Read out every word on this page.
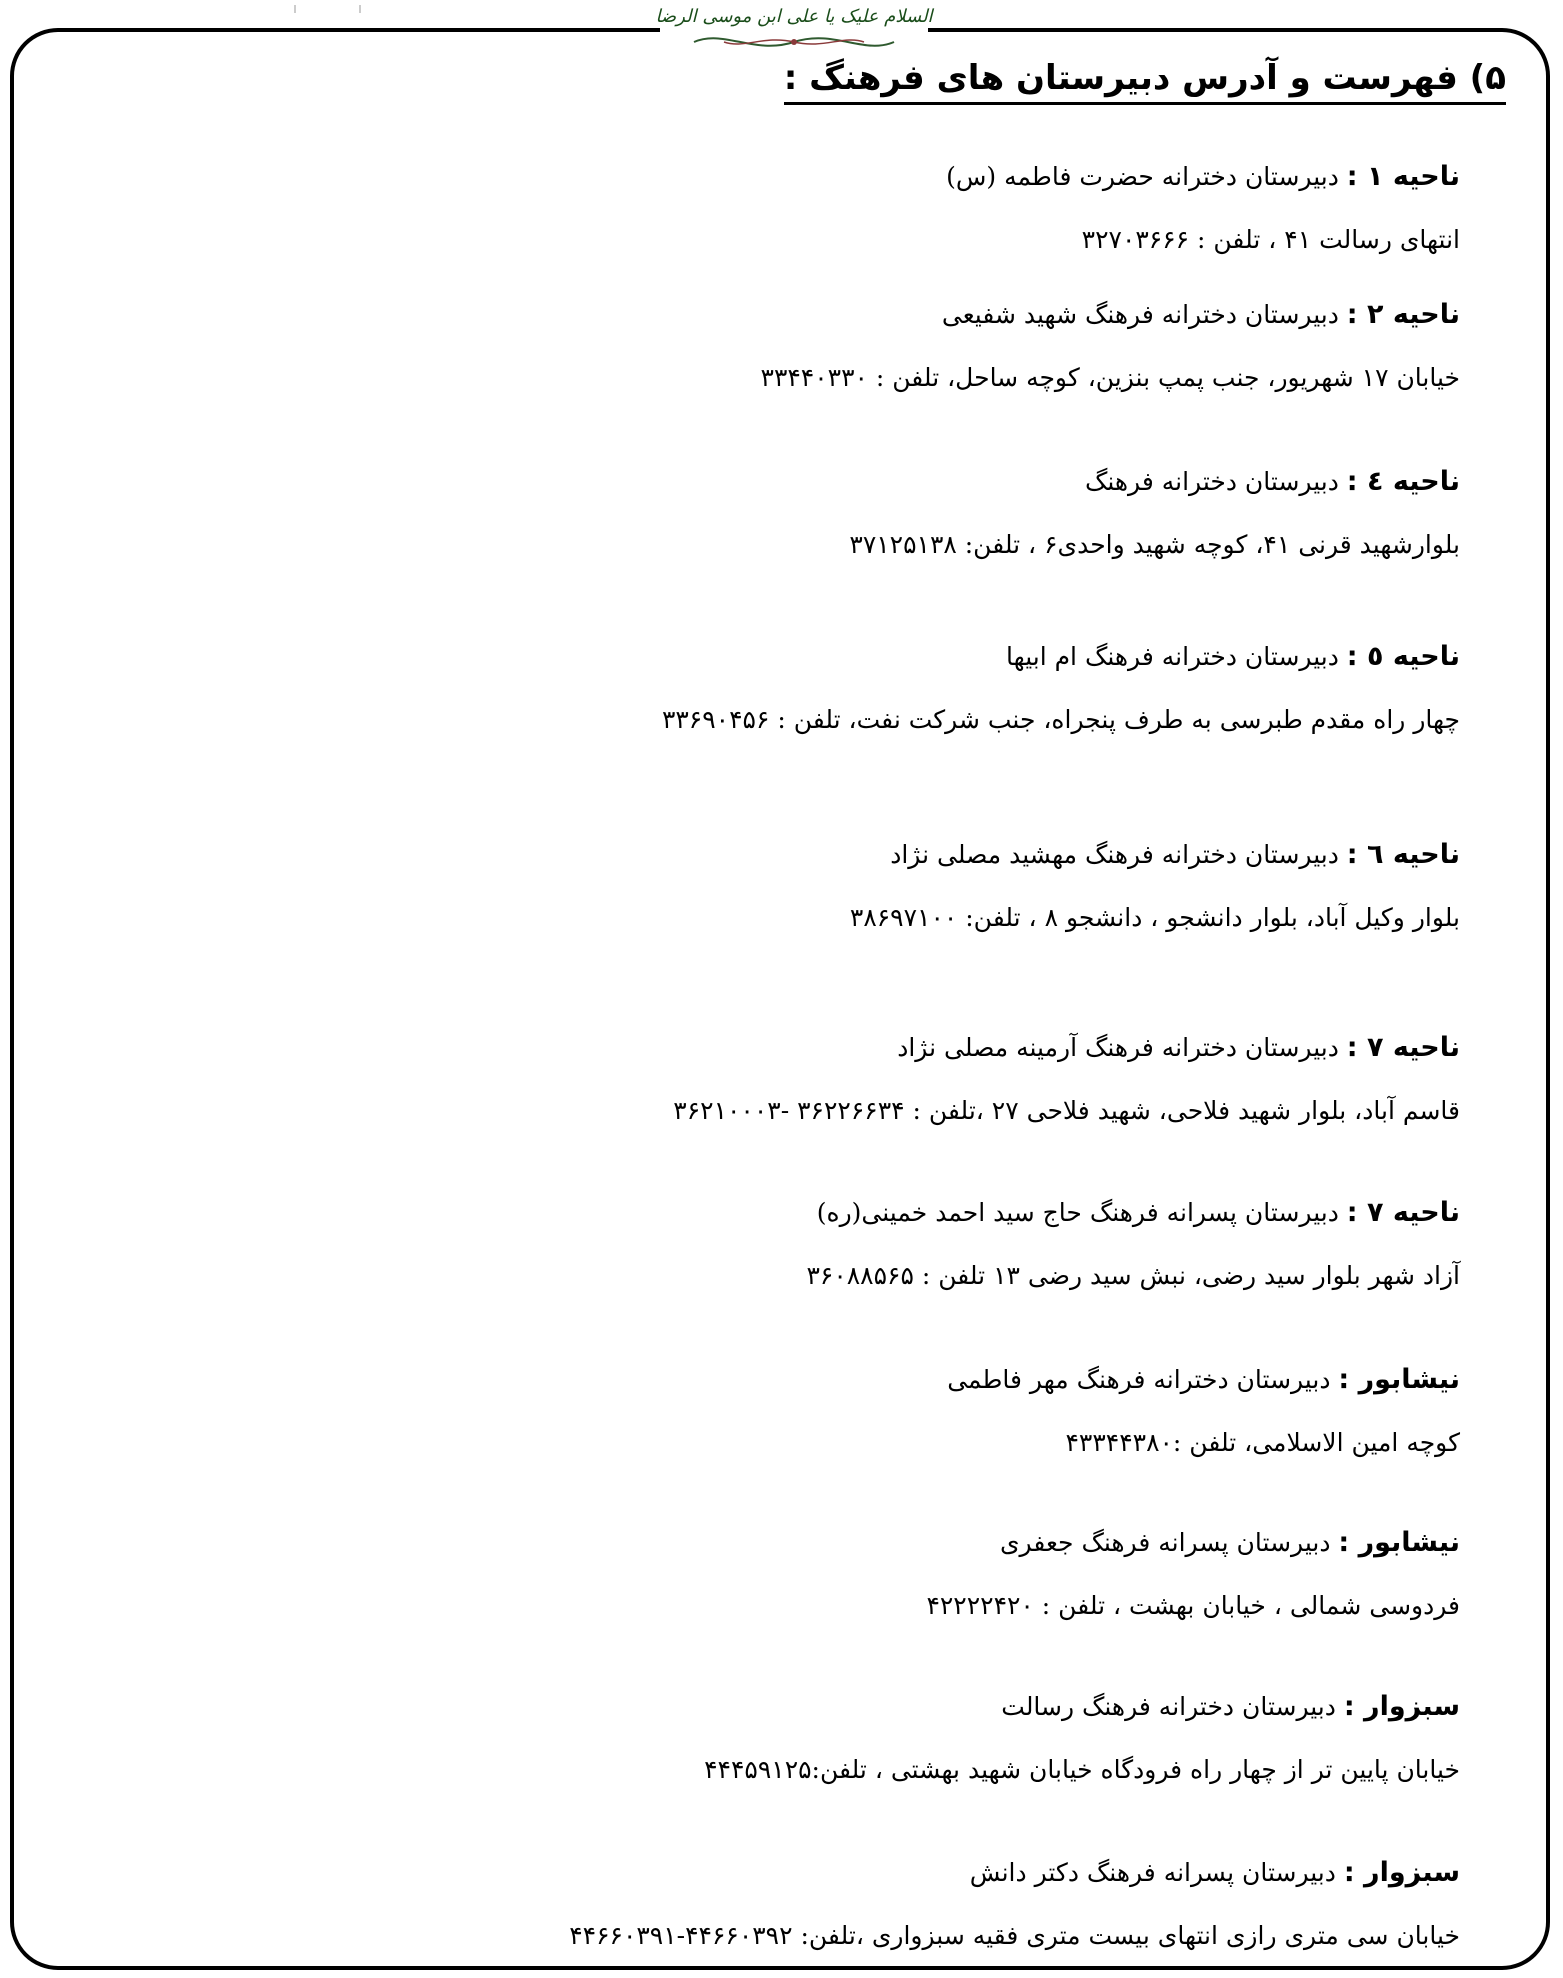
السلام علیک یا علی ابن موسی الرضا
۵) فهرست و آدرس دبیرستان های فرهنگ :
ناحیه ۱ : دبیرستان دخترانه حضرت فاطمه (س)
انتهای رسالت ۴۱ ، تلفن : ۳۲۷۰۳۶۶۶
ناحیه ۲ : دبیرستان دخترانه فرهنگ شهید شفیعی
خیابان ۱۷ شهریور، جنب پمپ بنزین، کوچه ساحل، تلفن : ۳۳۴۴۰۳۳۰
ناحیه ٤ : دبیرستان دخترانه فرهنگ
بلوارشهید قرنی ۴۱، کوچه شهید واحدی۶ ، تلفن: ۳۷۱۲۵۱۳۸
ناحیه ٥ : دبیرستان دخترانه فرهنگ ام ابیها
چهار راه مقدم طبرسی به طرف پنجراه، جنب شرکت نفت، تلفن : ۳۳۶۹۰۴۵۶
ناحیه ٦ : دبیرستان دخترانه فرهنگ مهشید مصلی نژاد
بلوار وکیل آباد، بلوار دانشجو ، دانشجو ۸ ، تلفن: ۳۸۶۹۷۱۰۰
ناحیه ۷ : دبیرستان دخترانه فرهنگ آرمینه مصلی نژاد
قاسم آباد، بلوار شهید فلاحی، شهید فلاحی ۲۷ ،تلفن : ۳۶۲۲۶۶۳۴ -۳۶۲۱۰۰۰۳
ناحیه ۷ : دبیرستان پسرانه فرهنگ حاج سید احمد خمینی(ره)
آزاد شهر بلوار سید رضی، نبش سید رضی ۱۳ تلفن : ۳۶۰۸۸۵۶۵
نیشابور : دبیرستان دخترانه فرهنگ مهر فاطمی
کوچه امین الاسلامی، تلفن :۴۳۳۴۴۳۸۰
نیشابور : دبیرستان پسرانه فرهنگ جعفری
فردوسی شمالی ، خیابان بهشت ، تلفن : ۴۲۲۲۲۴۲۰
سبزوار : دبیرستان دخترانه فرهنگ رسالت
خیابان پایین تر از چهار راه فرودگاه خیابان شهید بهشتی ، تلفن:۴۴۴۵۹۱۲۵
سبزوار : دبیرستان پسرانه فرهنگ دکتر دانش
خیابان سی متری رازی انتهای بیست متری فقیه سبزواری ،تلفن: ۴۴۶۶۰۳۹۲-۴۴۶۶۰۳۹۱
